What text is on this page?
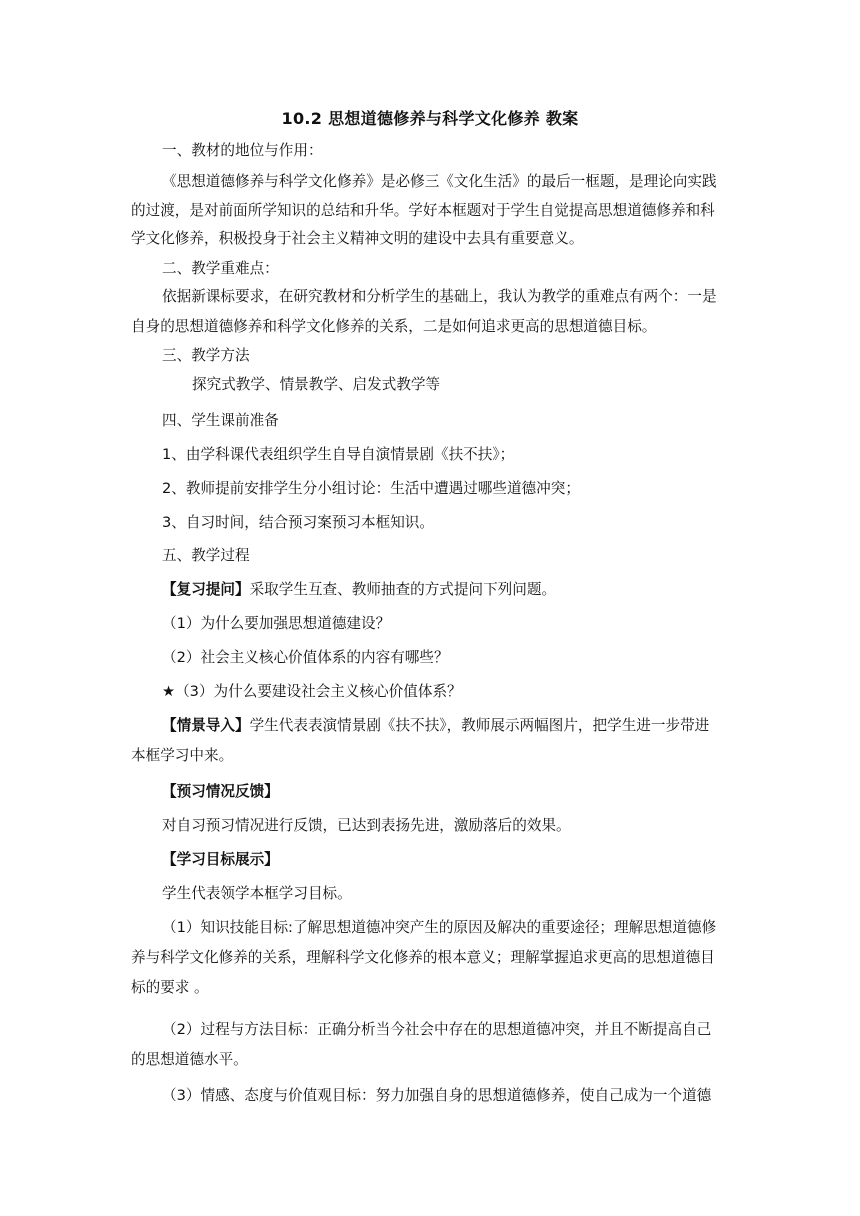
10.2 思想道德修养与科学文化修养 教案
一、教材的地位与作用：
《思想道德修养与科学文化修养》是必修三《文化生活》的最后一框题，是理论向实践
的过渡，是对前面所学知识的总结和升华。学好本框题对于学生自觉提高思想道德修养和科
学文化修养，积极投身于社会主义精神文明的建设中去具有重要意义。
二、教学重难点：
依据新课标要求，在研究教材和分析学生的基础上，我认为教学的重难点有两个：一是
自身的思想道德修养和科学文化修养的关系，二是如何追求更高的思想道德目标。
三、教学方法
探究式教学、情景教学、启发式教学等
四、学生课前准备
1、由学科课代表组织学生自导自演情景剧《扶不扶》；
2、教师提前安排学生分小组讨论：生活中遭遇过哪些道德冲突；
3、自习时间，结合预习案预习本框知识。
五、教学过程
【复习提问】采取学生互查、教师抽查的方式提问下列问题。
（1）为什么要加强思想道德建设？
（2）社会主义核心价值体系的内容有哪些？
★（3）为什么要建设社会主义核心价值体系？
【情景导入】学生代表表演情景剧《扶不扶》，教师展示两幅图片，把学生进一步带进
本框学习中来。
【预习情况反馈】
对自习预习情况进行反馈，已达到表扬先进，激励落后的效果。
【学习目标展示】
学生代表领学本框学习目标。
（1）知识技能目标:了解思想道德冲突产生的原因及解决的重要途径；理解思想道德修
养与科学文化修养的关系，理解科学文化修养的根本意义；理解掌握追求更高的思想道德目
标的要求 。
（2）过程与方法目标：正确分析当今社会中存在的思想道德冲突，并且不断提高自己
的思想道德水平。
（3）情感、态度与价值观目标：努力加强自身的思想道德修养，使自己成为一个道德
